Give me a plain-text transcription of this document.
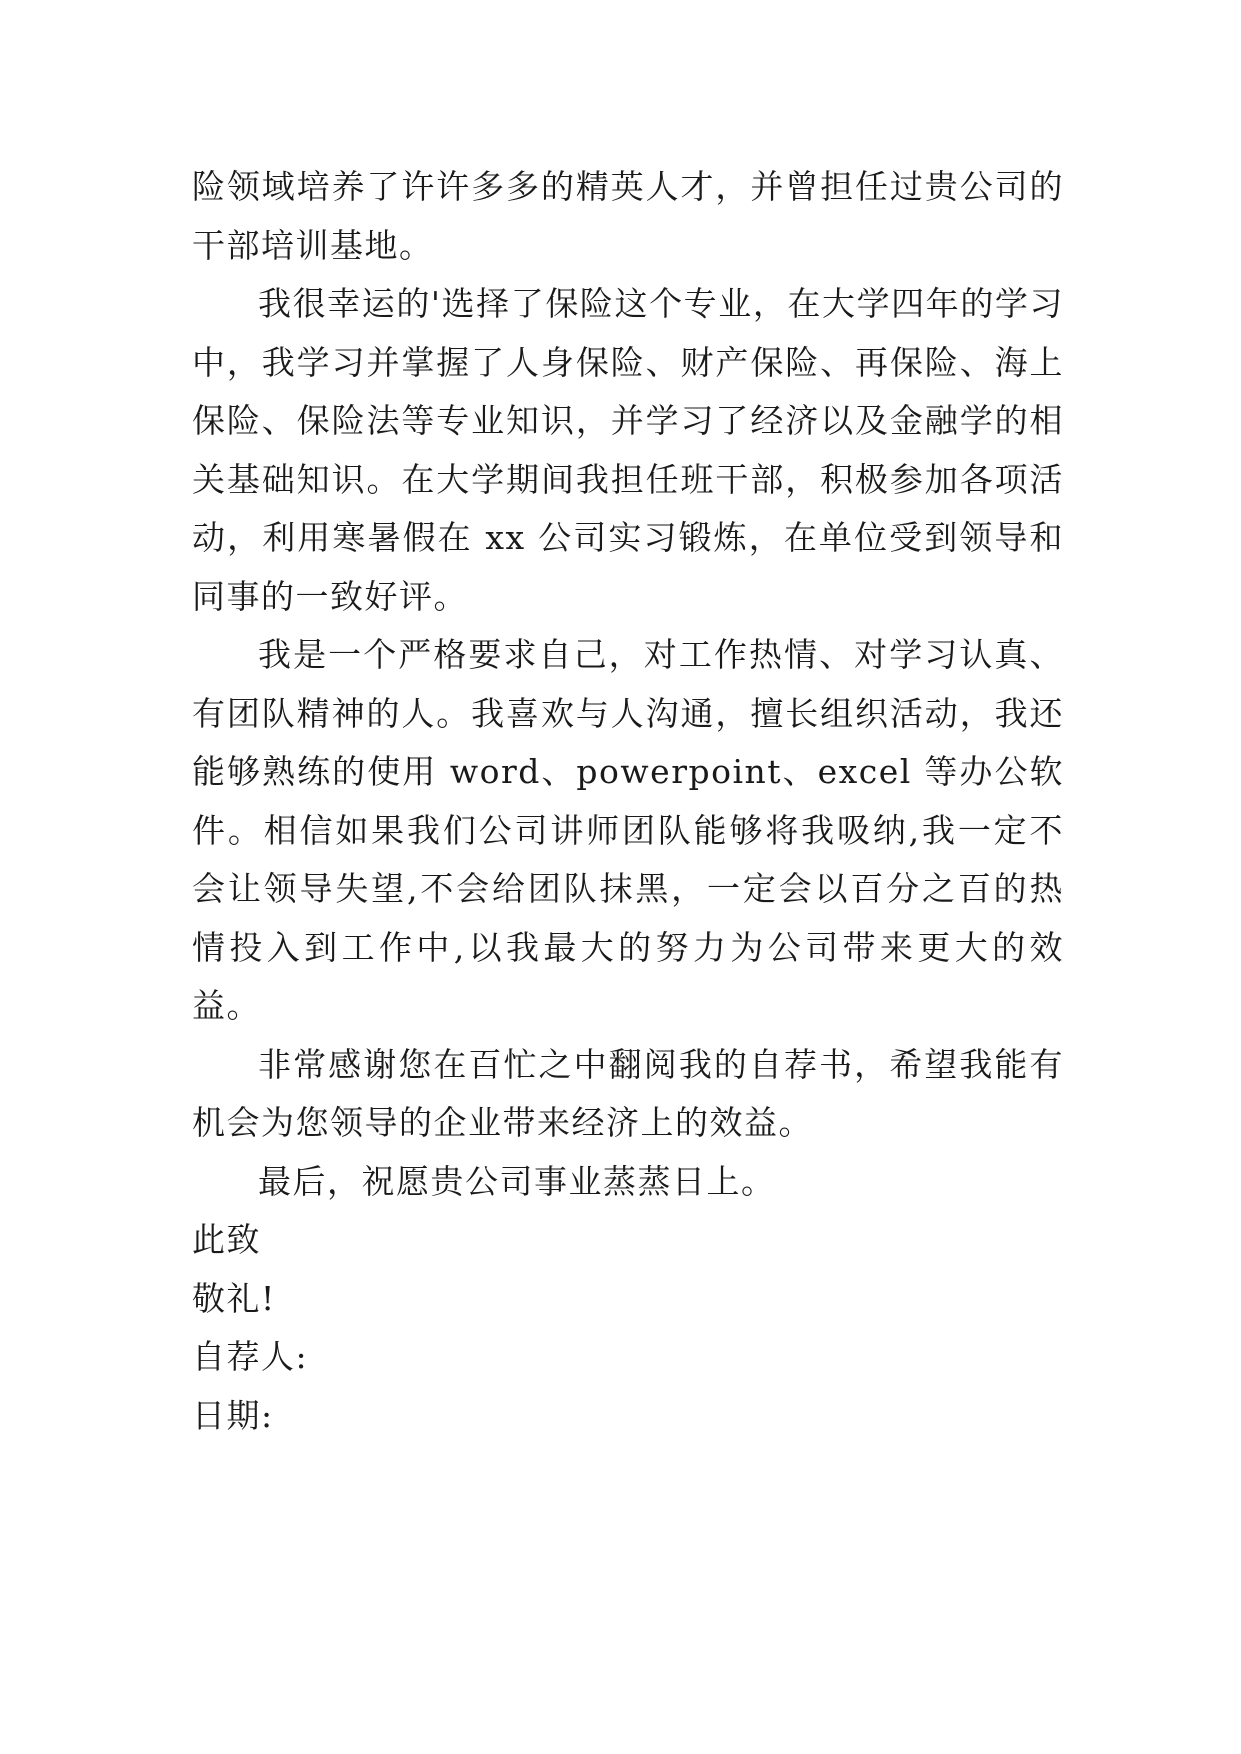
险领域培养了许许多多的精英人才，并曾担任过贵公司的干部培训基地。

我很幸运的'选择了保险这个专业，在大学四年的学习中，我学习并掌握了人身保险、财产保险、再保险、海上保险、保险法等专业知识，并学习了经济以及金融学的相关基础知识。在大学期间我担任班干部，积极参加各项活动，利用寒暑假在 xx 公司实习锻炼，在单位受到领导和同事的一致好评。

我是一个严格要求自己，对工作热情、对学习认真、有团队精神的人。我喜欢与人沟通，擅长组织活动，我还能够熟练的使用 word、powerpoint、excel 等办公软件。相信如果我们公司讲师团队能够将我吸纳,我一定不会让领导失望,不会给团队抹黑，一定会以百分之百的热情投入到工作中,以我最大的努力为公司带来更大的效益。

非常感谢您在百忙之中翻阅我的自荐书，希望我能有机会为您领导的企业带来经济上的效益。

最后，祝愿贵公司事业蒸蒸日上。

此致

敬礼!

自荐人:

日期:
